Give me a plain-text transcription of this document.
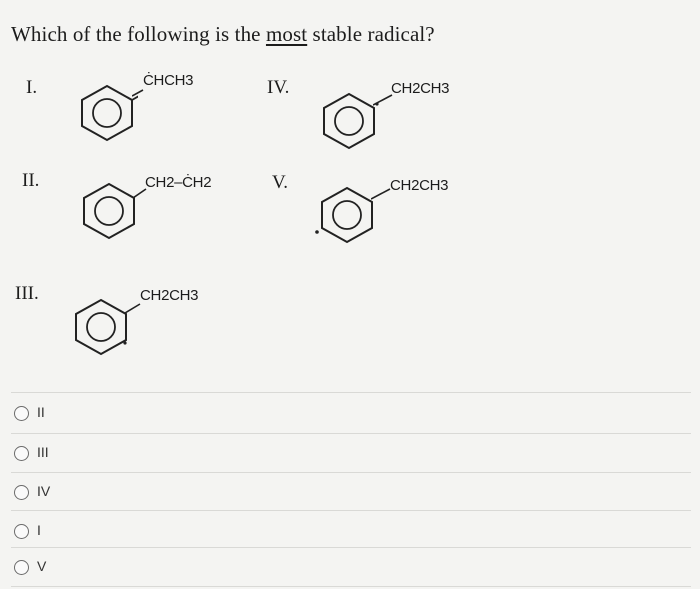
Which of the following is the most stable radical?
I.	ĊHCH3
II.	CH2–ĊH2
III.	CH2CH3
IV.	CH2CH3
V.	CH2CH3
II
III
IV
I
V
